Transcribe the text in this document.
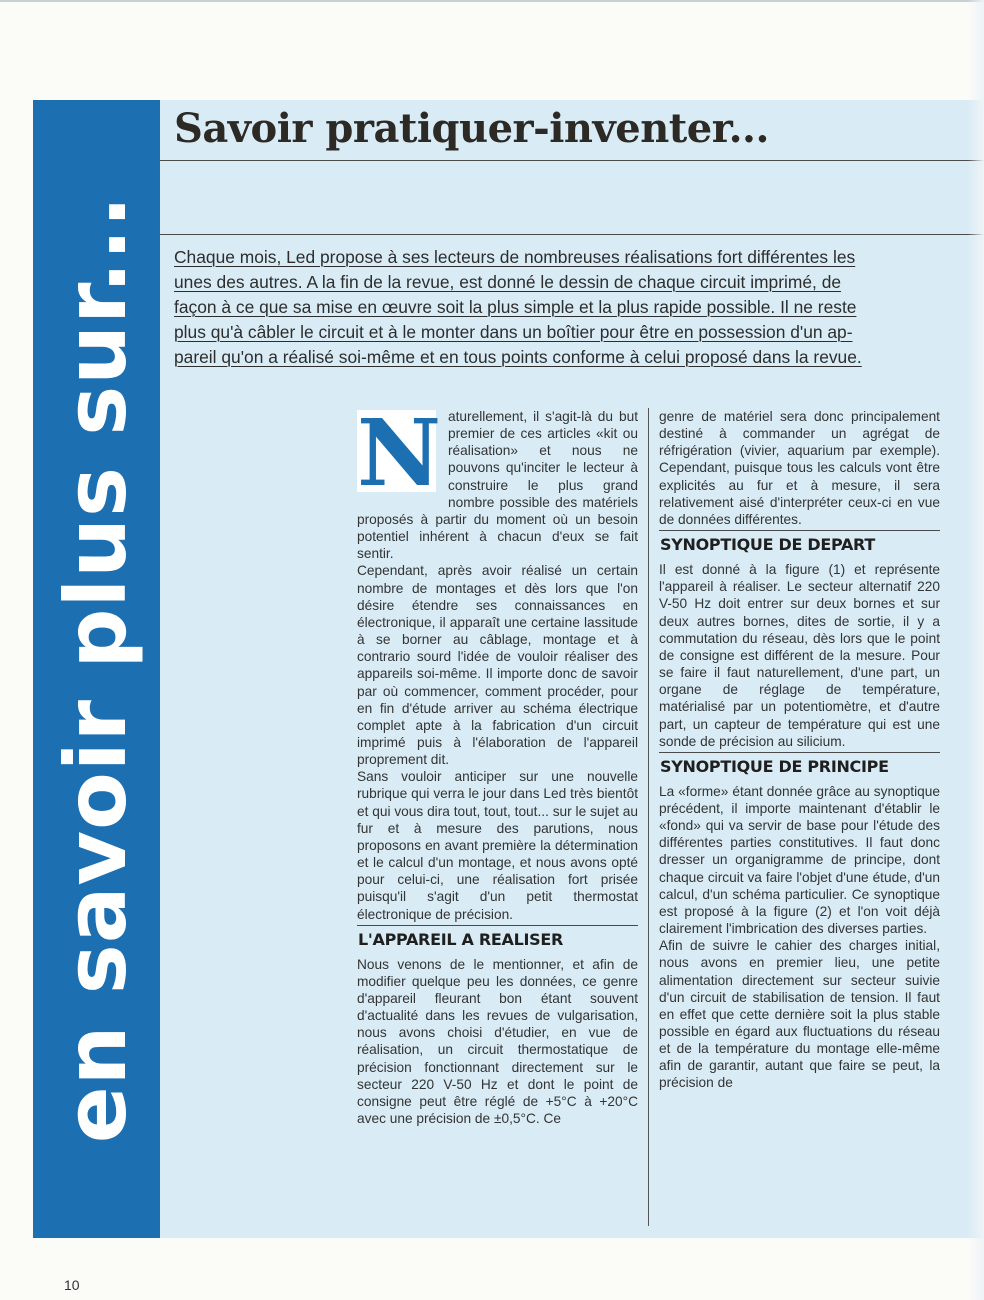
en savoir plus sur...
Savoir pratiquer-inventer...
Chaque mois, Led propose à ses lecteurs de nombreuses réalisations fort différentes les
unes des autres. A la fin de la revue, est donné le dessin de chaque circuit imprimé, de
façon à ce que sa mise en œuvre soit la plus simple et la plus rapide possible. Il ne reste
plus qu'à câbler le circuit et à le monter dans un boîtier pour être en possession d'un ap-
pareil qu'on a réalisé soi-même et en tous points conforme à celui proposé dans la revue.
N aturellement, il s'agit-là du but premier de ces articles «kit ou réalisation» et nous ne pouvons qu'inciter le lecteur à construire le plus grand nombre possible des matériels proposés à partir du moment où un besoin potentiel inhérent à chacun d'eux se fait sentir.

Cependant, après avoir réalisé un certain nombre de montages et dès lors que l'on désire étendre ses connaissances en électronique, il apparaît une certaine lassitude à se borner au câblage, montage et à contrario sourd l'idée de vouloir réaliser des appareils soi-même. Il importe donc de savoir par où commencer, comment procéder, pour en fin d'étude arriver au schéma électrique complet apte à la fabrication d'un circuit imprimé puis à l'élaboration de l'appareil proprement dit.

Sans vouloir anticiper sur une nouvelle rubrique qui verra le jour dans Led très bientôt et qui vous dira tout, tout, tout... sur le sujet au fur et à mesure des parutions, nous proposons en avant première la détermination et le calcul d'un montage, et nous avons opté pour celui-ci, une réalisation fort prisée puisqu'il s'agit d'un petit thermostat électronique de précision.

L'APPAREIL A REALISER

Nous venons de le mentionner, et afin de modifier quelque peu les données, ce genre d'appareil fleurant bon étant souvent d'actualité dans les revues de vulgarisation, nous avons choisi d'étudier, en vue de réalisation, un circuit thermostatique de précision fonctionnant directement sur le secteur 220 V-50 Hz et dont le point de consigne peut être réglé de +5°C à +20°C avec une précision de ±0,5°C. Ce

genre de matériel sera donc principalement destiné à commander un agrégat de réfrigération (vivier, aquarium par exemple). Cependant, puisque tous les calculs vont être explicités au fur et à mesure, il sera relativement aisé d'interpréter ceux-ci en vue de données différentes.

SYNOPTIQUE DE DEPART

Il est donné à la figure (1) et représente l'appareil à réaliser. Le secteur alternatif 220 V-50 Hz doit entrer sur deux bornes et sur deux autres bornes, dites de sortie, il y a commutation du réseau, dès lors que le point de consigne est différent de la mesure. Pour se faire il faut naturellement, d'une part, un organe de réglage de température, matérialisé par un potentiomètre, et d'autre part, un capteur de température qui est une sonde de précision au silicium.

SYNOPTIQUE DE PRINCIPE

La «forme» étant donnée grâce au synoptique précédent, il importe maintenant d'établir le «fond» qui va servir de base pour l'étude des différentes parties constitutives. Il faut donc dresser un organigramme de principe, dont chaque circuit va faire l'objet d'une étude, d'un calcul, d'un schéma particulier. Ce synoptique est proposé à la figure (2) et l'on voit déjà clairement l'imbrication des diverses parties.

Afin de suivre le cahier des charges initial, nous avons en premier lieu, une petite alimentation directement sur secteur suivie d'un circuit de stabilisation de tension. Il faut en effet que cette dernière soit la plus stable possible en égard aux fluctuations du réseau et de la température du montage elle-même afin de garantir, autant que faire se peut, la précision de

10
